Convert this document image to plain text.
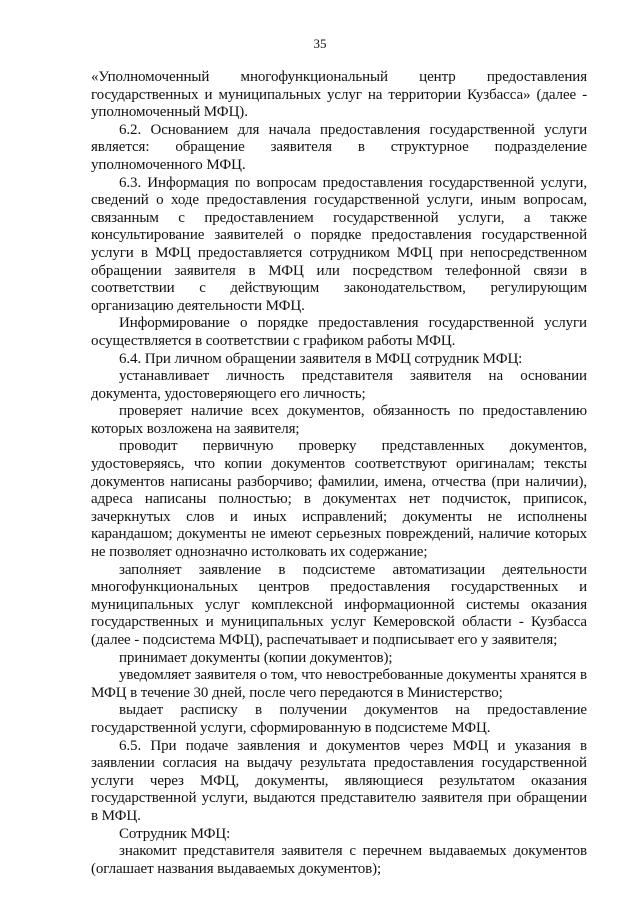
35

«Уполномоченный многофункциональный центр предоставления государственных и муниципальных услуг на территории Кузбасса» (далее - уполномоченный МФЦ).

6.2. Основанием для начала предоставления государственной услуги является: обращение заявителя в структурное подразделение уполномоченного МФЦ.

6.3. Информация по вопросам предоставления государственной услуги, сведений о ходе предоставления государственной услуги, иным вопросам, связанным с предоставлением государственной услуги, а также консультирование заявителей о порядке предоставления государственной услуги в МФЦ предоставляется сотрудником МФЦ при непосредственном обращении заявителя в МФЦ или посредством телефонной связи в соответствии с действующим законодательством, регулирующим организацию деятельности МФЦ.

Информирование о порядке предоставления государственной услуги осуществляется в соответствии с графиком работы МФЦ.

6.4. При личном обращении заявителя в МФЦ сотрудник МФЦ:

устанавливает личность представителя заявителя на основании документа, удостоверяющего его личность;

проверяет наличие всех документов, обязанность по предоставлению которых возложена на заявителя;

проводит первичную проверку представленных документов, удостоверяясь, что копии документов соответствуют оригиналам; тексты документов написаны разборчиво; фамилии, имена, отчества (при наличии), адреса написаны полностью; в документах нет подчисток, приписок, зачеркнутых слов и иных исправлений; документы не исполнены карандашом; документы не имеют серьезных повреждений, наличие которых не позволяет однозначно истолковать их содержание;

заполняет заявление в подсистеме автоматизации деятельности многофункциональных центров предоставления государственных и муниципальных услуг комплексной информационной системы оказания государственных и муниципальных услуг Кемеровской области - Кузбасса (далее - подсистема МФЦ), распечатывает и подписывает его у заявителя;

принимает документы (копии документов);

уведомляет заявителя о том, что невостребованные документы хранятся в МФЦ в течение 30 дней, после чего передаются в Министерство;

выдает расписку в получении документов на предоставление государственной услуги, сформированную в подсистеме МФЦ.

6.5. При подаче заявления и документов через МФЦ и указания в заявлении согласия на выдачу результата предоставления государственной услуги через МФЦ, документы, являющиеся результатом оказания государственной услуги, выдаются представителю заявителя при обращении в МФЦ.

Сотрудник МФЦ:

знакомит представителя заявителя с перечнем выдаваемых документов (оглашает названия выдаваемых документов);
